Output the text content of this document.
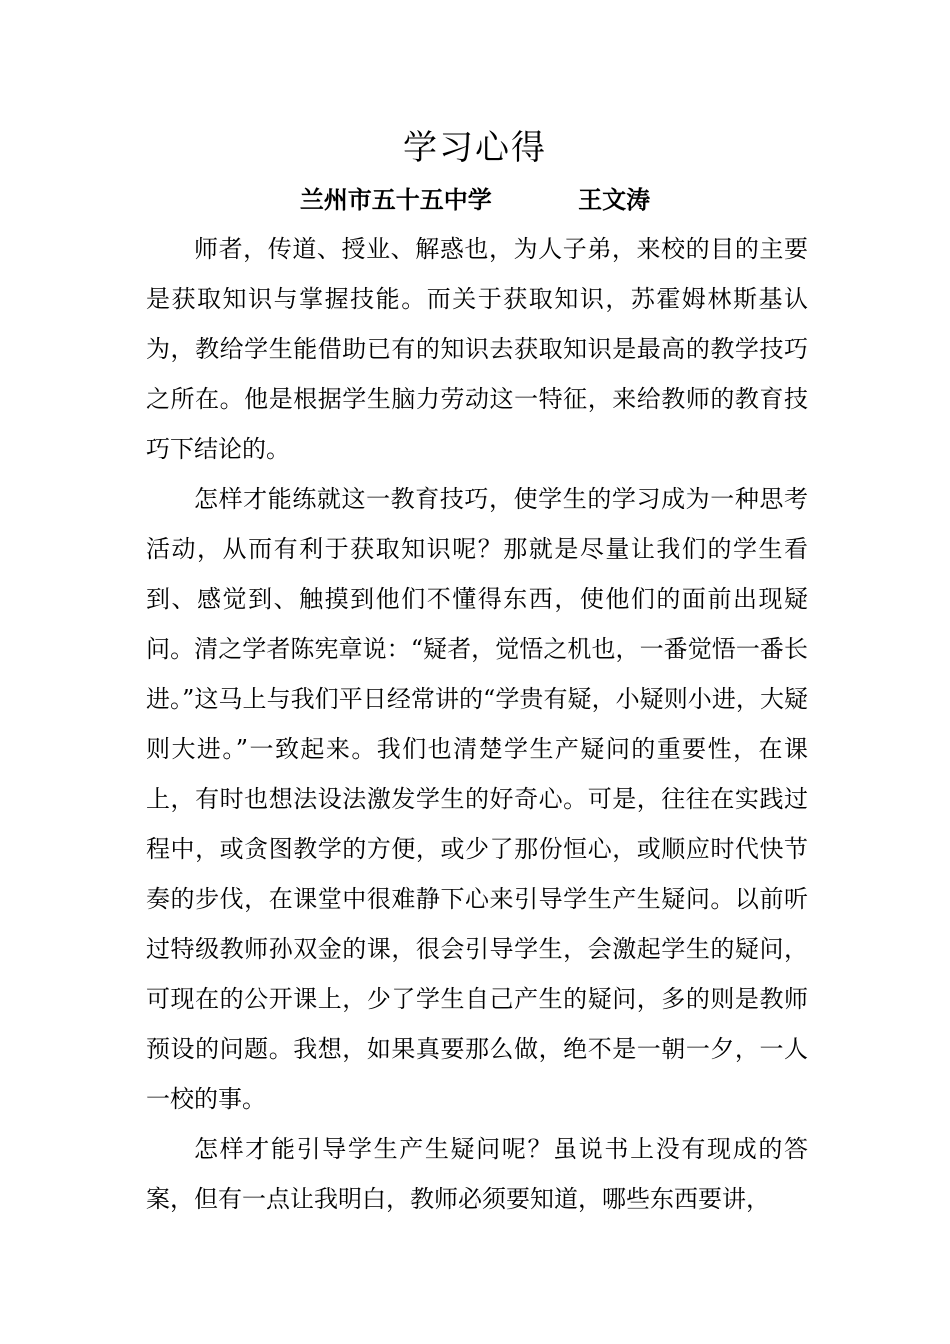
学习心得
兰州市五十五中学	王文涛

师者，传道、授业、解惑也，为人子弟，来校的目的主要是获取知识与掌握技能。而关于获取知识，苏霍姆林斯基认为，教给学生能借助已有的知识去获取知识是最高的教学技巧之所在。他是根据学生脑力劳动这一特征，来给教师的教育技巧下结论的。

怎样才能练就这一教育技巧，使学生的学习成为一种思考活动，从而有利于获取知识呢？那就是尽量让我们的学生看到、感觉到、触摸到他们不懂得东西，使他们的面前出现疑问。清之学者陈宪章说：“疑者，觉悟之机也，一番觉悟一番长进。”这马上与我们平日经常讲的“学贵有疑，小疑则小进，大疑则大进。”一致起来。我们也清楚学生产疑问的重要性，在课上，有时也想法设法激发学生的好奇心。可是，往往在实践过程中，或贪图教学的方便，或少了那份恒心，或顺应时代快节奏的步伐，在课堂中很难静下心来引导学生产生疑问。以前听过特级教师孙双金的课，很会引导学生，会激起学生的疑问，可现在的公开课上，少了学生自己产生的疑问，多的则是教师预设的问题。我想，如果真要那么做，绝不是一朝一夕，一人一校的事。

怎样才能引导学生产生疑问呢？虽说书上没有现成的答案，但有一点让我明白，教师必须要知道，哪些东西要讲，
